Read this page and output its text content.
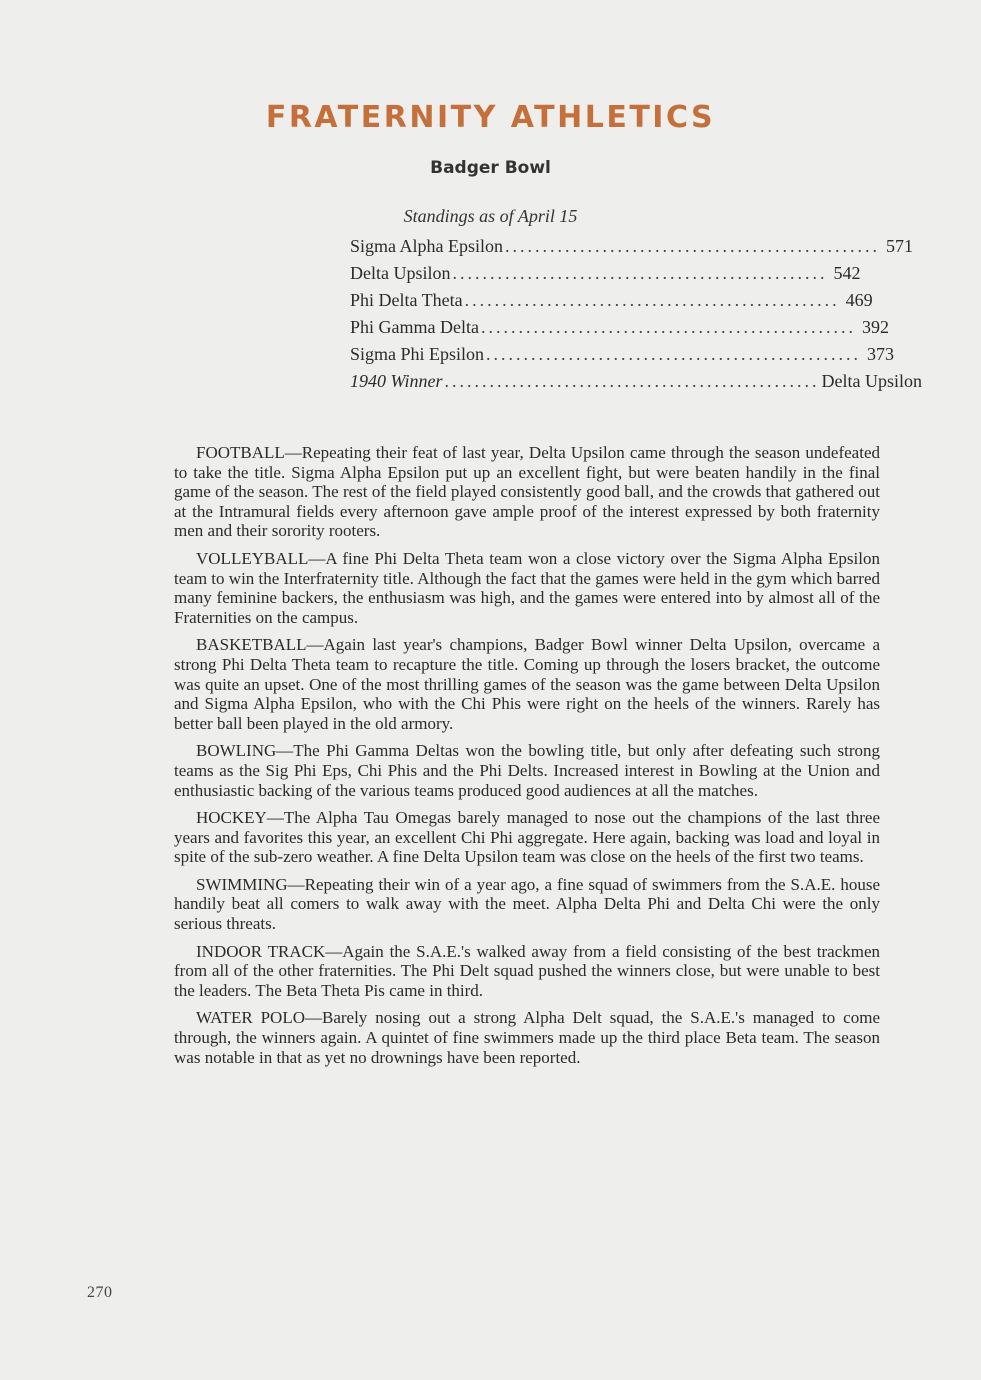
FRATERNITY ATHLETICS
Badger Bowl

Standings as of April 15

Sigma Alpha Epsilon .................................................. 571
Delta Upsilon .................................................. 542
Phi Delta Theta .................................................. 469
Phi Gamma Delta .................................................. 392
Sigma Phi Epsilon .................................................. 373
1940 Winner .................................................. Delta Upsilon

FOOTBALL—Repeating their feat of last year, Delta Upsilon came through the season undefeated to take the title. Sigma Alpha Epsilon put up an excellent fight, but were beaten handily in the final game of the season. The rest of the field played consistently good ball, and the crowds that gathered out at the Intramural fields every afternoon gave ample proof of the interest expressed by both fraternity men and their sorority rooters.

VOLLEYBALL—A fine Phi Delta Theta team won a close victory over the Sigma Alpha Epsilon team to win the Interfraternity title. Although the fact that the games were held in the gym which barred many feminine backers, the enthusiasm was high, and the games were entered into by almost all of the Fraternities on the campus.

BASKETBALL—Again last year's champions, Badger Bowl winner Delta Upsilon, overcame a strong Phi Delta Theta team to recapture the title. Coming up through the losers bracket, the outcome was quite an upset. One of the most thrilling games of the season was the game between Delta Upsilon and Sigma Alpha Epsilon, who with the Chi Phis were right on the heels of the winners. Rarely has better ball been played in the old armory.

BOWLING—The Phi Gamma Deltas won the bowling title, but only after defeating such strong teams as the Sig Phi Eps, Chi Phis and the Phi Delts. Increased interest in Bowling at the Union and enthusiastic backing of the various teams produced good audiences at all the matches.

HOCKEY—The Alpha Tau Omegas barely managed to nose out the champions of the last three years and favorites this year, an excellent Chi Phi aggregate. Here again, backing was load and loyal in spite of the sub-zero weather. A fine Delta Upsilon team was close on the heels of the first two teams.

SWIMMING—Repeating their win of a year ago, a fine squad of swimmers from the S.A.E. house handily beat all comers to walk away with the meet. Alpha Delta Phi and Delta Chi were the only serious threats.

INDOOR TRACK—Again the S.A.E.'s walked away from a field consisting of the best trackmen from all of the other fraternities. The Phi Delt squad pushed the winners close, but were unable to best the leaders. The Beta Theta Pis came in third.

WATER POLO—Barely nosing out a strong Alpha Delt squad, the S.A.E.'s managed to come through, the winners again. A quintet of fine swimmers made up the third place Beta team. The season was notable in that as yet no drownings have been reported.

270
